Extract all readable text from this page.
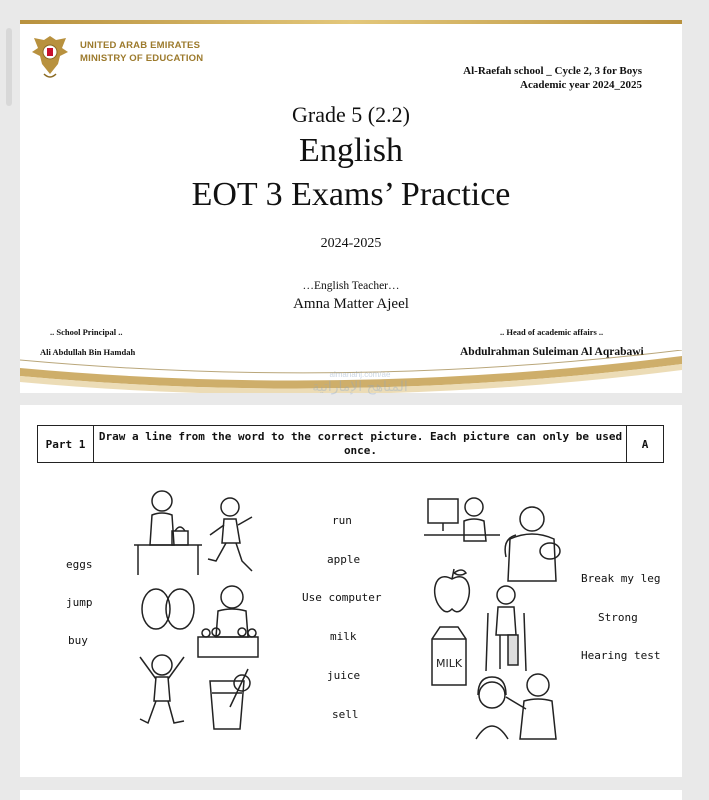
UNITED ARAB EMIRATES
MINISTRY OF EDUCATION
Al-Raefah school _ Cycle 2, 3 for Boys
Academic year 2024_2025
Grade 5 (2.2)
English
EOT 3 Exams’ Practice
2024-2025
…English Teacher…
Amna Matter Ajeel
.. School Principal ..
Ali Abdullah Bin Hamdah
.. Head of academic affairs ..
Abdulrahman Suleiman Al Aqrabawi
almanahj.com/ae
المناهج الإماراتية
Part 1
Draw a line from the word to the correct picture. Each picture can only be used
once.	A
eggs
jump
buy
run
apple
Use computer
milk
juice
sell
Break my leg
Strong
Hearing test
MILK
